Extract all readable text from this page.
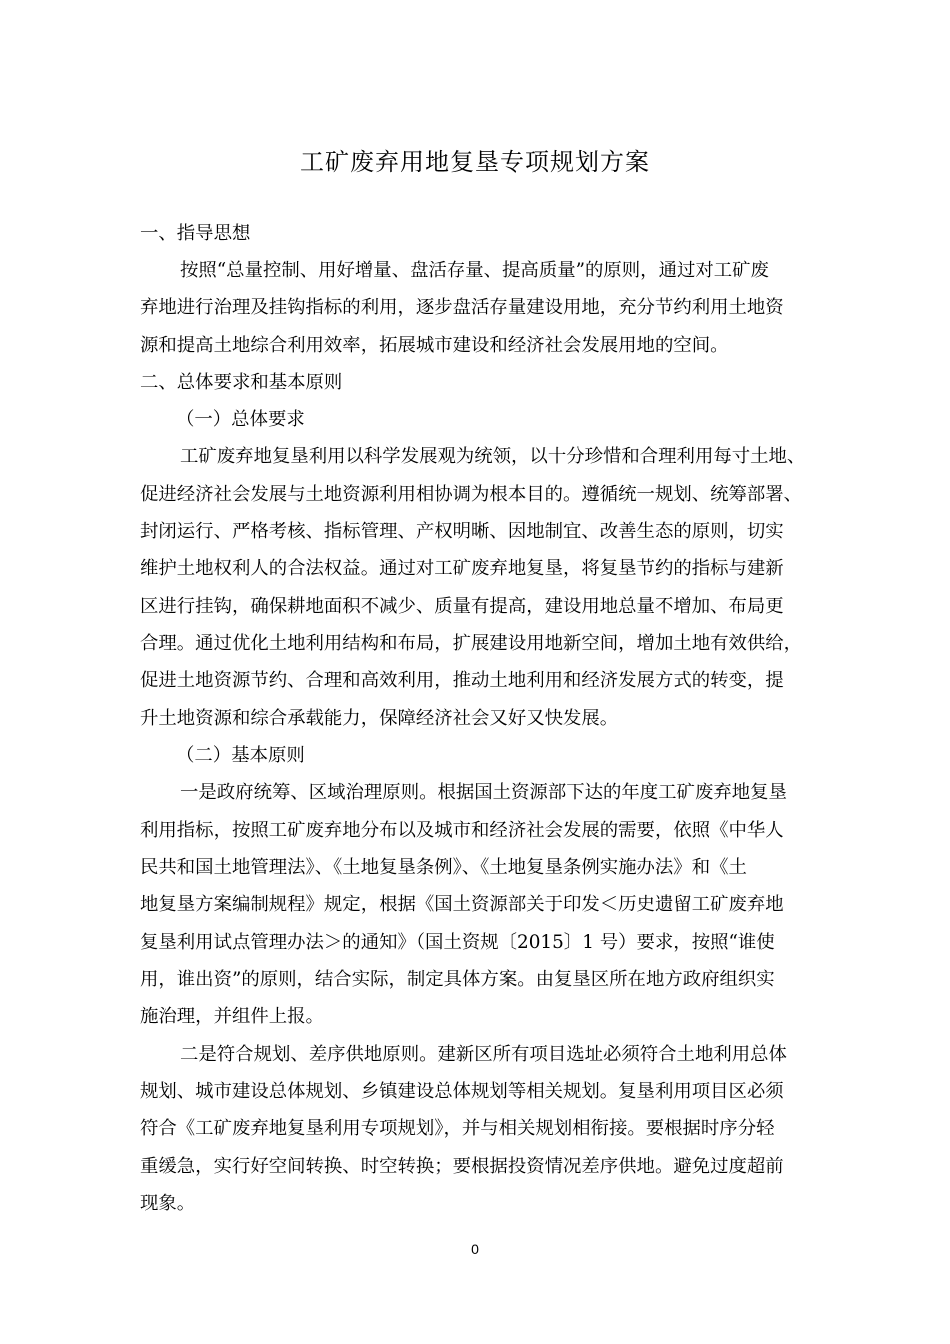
工矿废弃用地复垦专项规划方案
一、指导思想
按照“总量控制、用好增量、盘活存量、提高质量”的原则，通过对工矿废
弃地进行治理及挂钩指标的利用，逐步盘活存量建设用地，充分节约利用土地资
源和提高土地综合利用效率，拓展城市建设和经济社会发展用地的空间。
二、总体要求和基本原则
（一）总体要求
工矿废弃地复垦利用以科学发展观为统领，以十分珍惜和合理利用每寸土地、
促进经济社会发展与土地资源利用相协调为根本目的。遵循统一规划、统筹部署、
封闭运行、严格考核、指标管理、产权明晰、因地制宜、改善生态的原则，切实
维护土地权利人的合法权益。通过对工矿废弃地复垦，将复垦节约的指标与建新
区进行挂钩，确保耕地面积不减少、质量有提高，建设用地总量不增加、布局更
合理。通过优化土地利用结构和布局，扩展建设用地新空间，增加土地有效供给，
促进土地资源节约、合理和高效利用，推动土地利用和经济发展方式的转变，提
升土地资源和综合承载能力，保障经济社会又好又快发展。
（二）基本原则
一是政府统筹、区域治理原则。根据国土资源部下达的年度工矿废弃地复垦
利用指标，按照工矿废弃地分布以及城市和经济社会发展的需要，依照《中华人
民共和国土地管理法》、《土地复垦条例》、《土地复垦条例实施办法》和《土
地复垦方案编制规程》规定，根据《国土资源部关于印发＜历史遗留工矿废弃地
复垦利用试点管理办法＞的通知》（国土资规〔2015〕1 号）要求，按照“谁使
用，谁出资”的原则，结合实际，制定具体方案。由复垦区所在地方政府组织实
施治理，并组件上报。
二是符合规划、差序供地原则。建新区所有项目选址必须符合土地利用总体
规划、城市建设总体规划、乡镇建设总体规划等相关规划。复垦利用项目区必须
符合《工矿废弃地复垦利用专项规划》，并与相关规划相衔接。要根据时序分轻
重缓急，实行好空间转换、时空转换；要根据投资情况差序供地。避免过度超前
现象。
0
